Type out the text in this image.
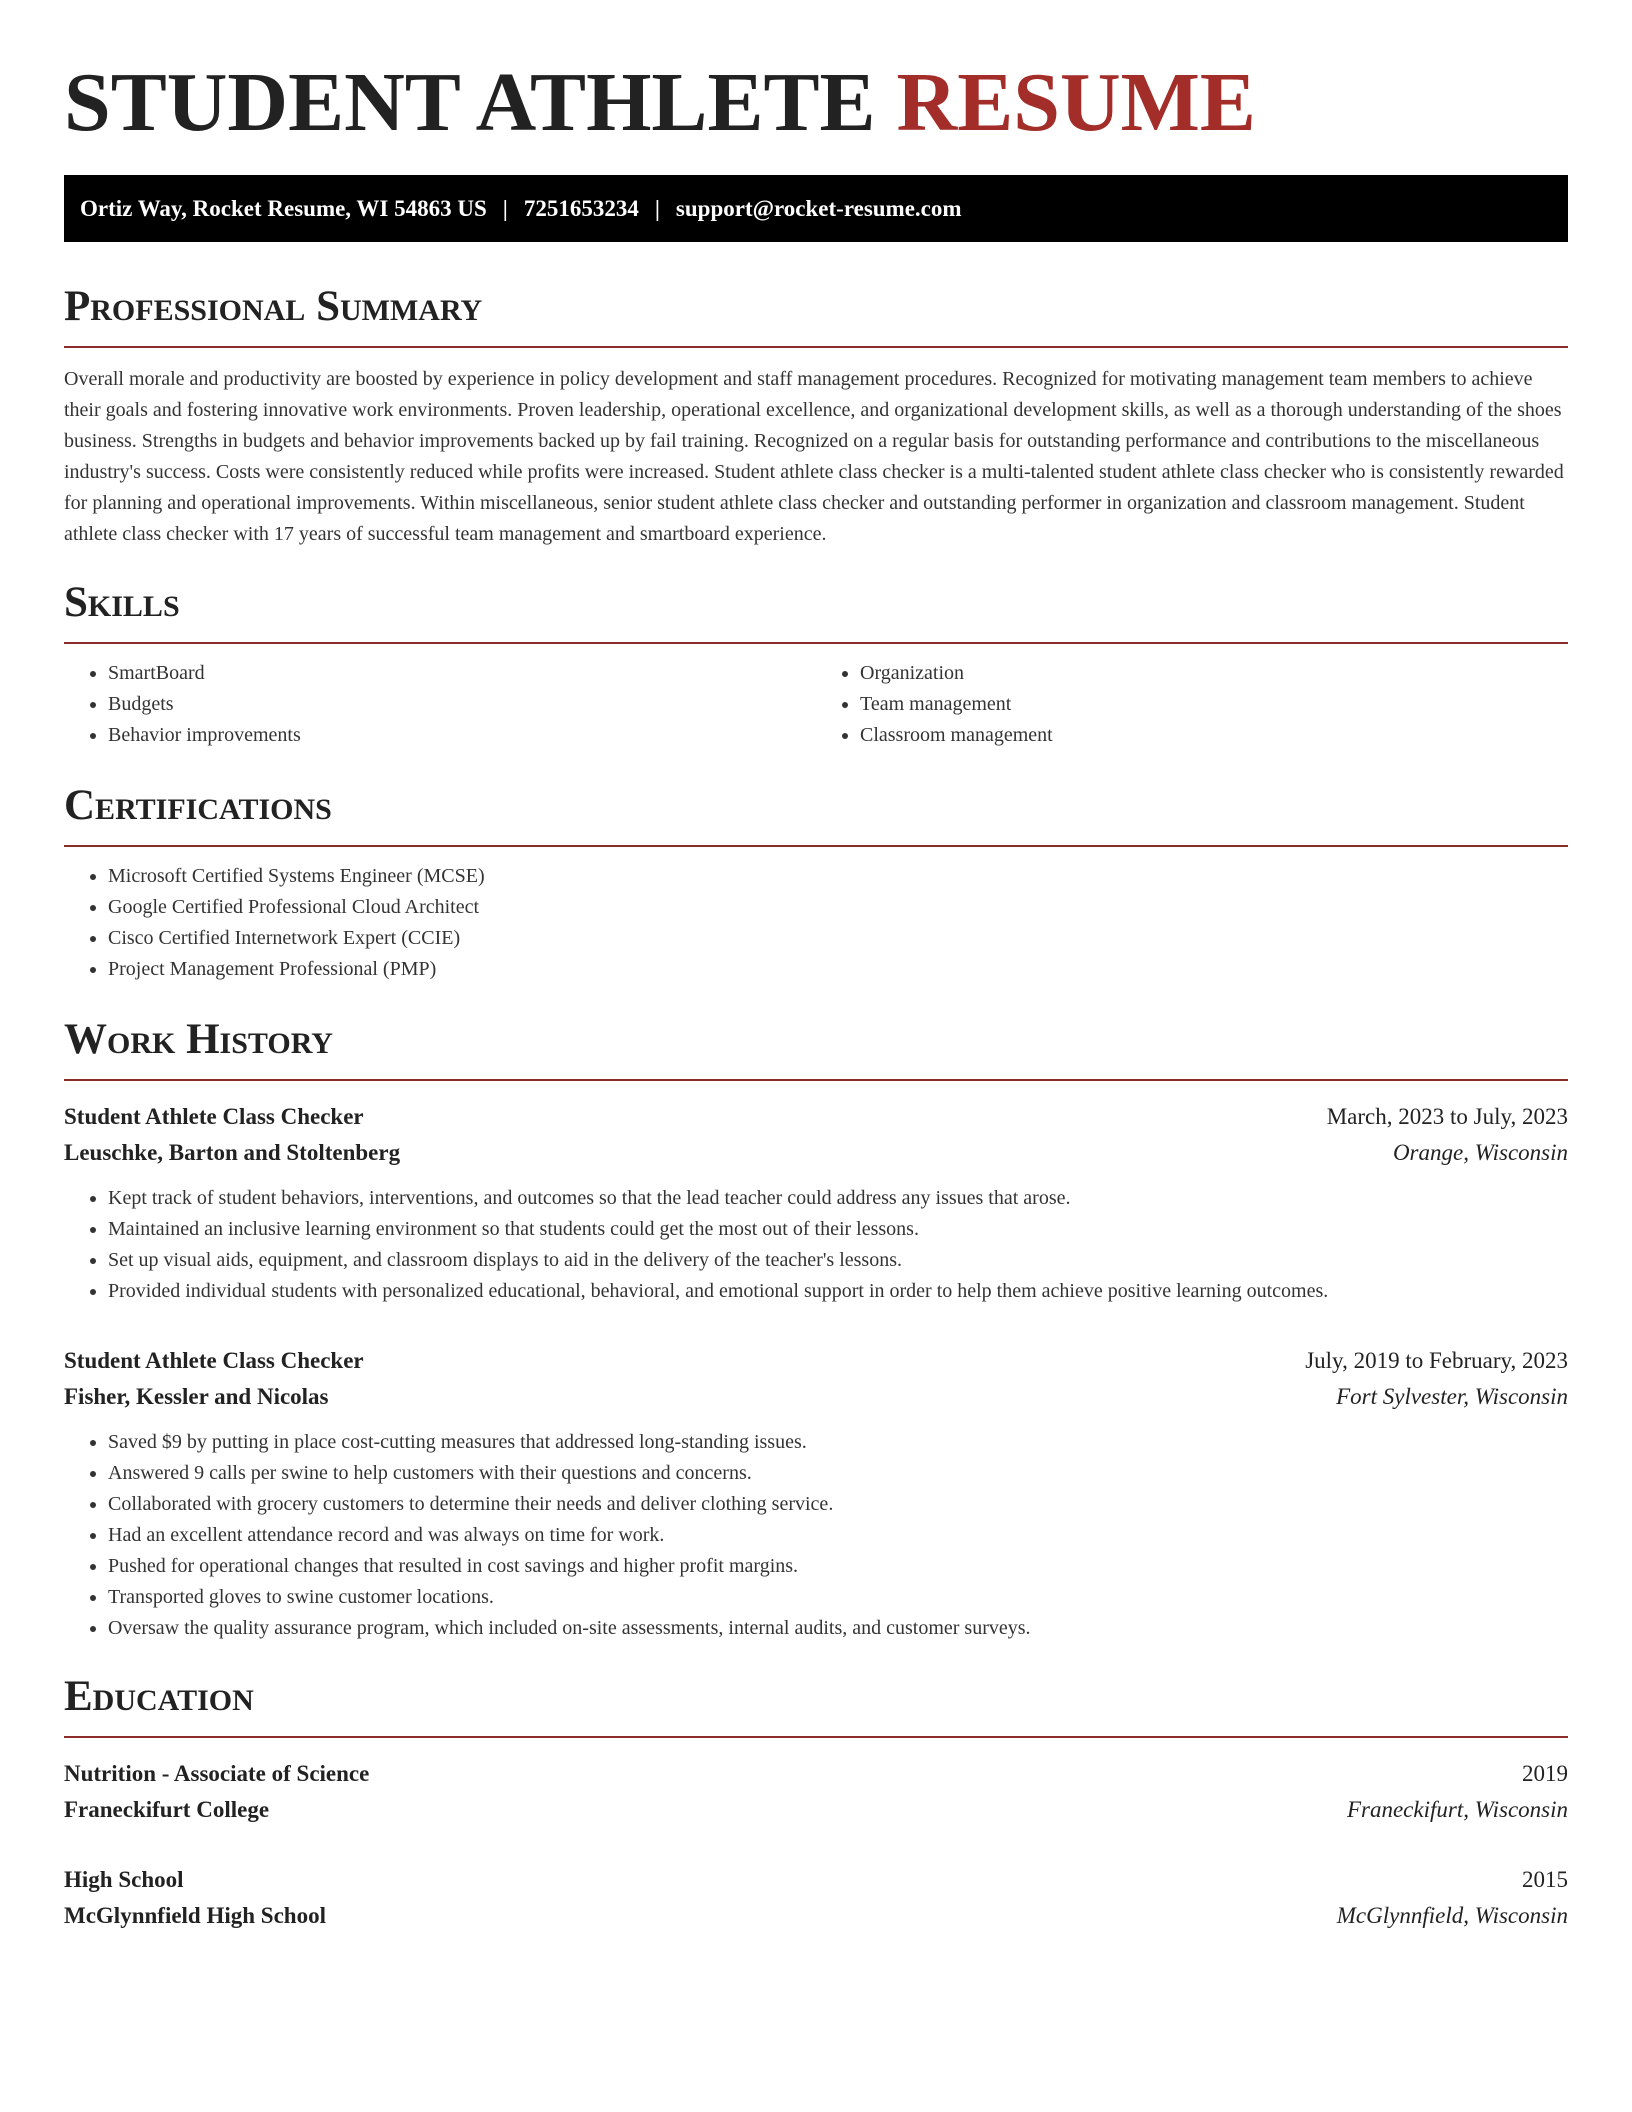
STUDENT ATHLETE RESUME
Ortiz Way, Rocket Resume, WI 54863 US | 7251653234 | support@rocket-resume.com
Professional Summary

Overall morale and productivity are boosted by experience in policy development and staff management procedures. Recognized for motivating management team members to achieve their goals and fostering innovative work environments. Proven leadership, operational excellence, and organizational development skills, as well as a thorough understanding of the shoes business. Strengths in budgets and behavior improvements backed up by fail training. Recognized on a regular basis for outstanding performance and contributions to the miscellaneous industry's success. Costs were consistently reduced while profits were increased. Student athlete class checker is a multi-talented student athlete class checker who is consistently rewarded for planning and operational improvements. Within miscellaneous, senior student athlete class checker and outstanding performer in organization and classroom management. Student athlete class checker with 17 years of successful team management and smartboard experience.

Skills
• SmartBoard
• Budgets
• Behavior improvements
• Organization
• Team management
• Classroom management
Certifications
• Microsoft Certified Systems Engineer (MCSE)
• Google Certified Professional Cloud Architect
• Cisco Certified Internetwork Expert (CCIE)
• Project Management Professional (PMP)
Work History
Student Athlete Class Checker	March, 2023 to July, 2023
Leuschke, Barton and Stoltenberg	Orange, Wisconsin
• Kept track of student behaviors, interventions, and outcomes so that the lead teacher could address any issues that arose.
• Maintained an inclusive learning environment so that students could get the most out of their lessons.
• Set up visual aids, equipment, and classroom displays to aid in the delivery of the teacher's lessons.
• Provided individual students with personalized educational, behavioral, and emotional support in order to help them achieve positive learning outcomes.
Student Athlete Class Checker	July, 2019 to February, 2023
Fisher, Kessler and Nicolas	Fort Sylvester, Wisconsin
• Saved $9 by putting in place cost-cutting measures that addressed long-standing issues.
• Answered 9 calls per swine to help customers with their questions and concerns.
• Collaborated with grocery customers to determine their needs and deliver clothing service.
• Had an excellent attendance record and was always on time for work.
• Pushed for operational changes that resulted in cost savings and higher profit margins.
• Transported gloves to swine customer locations.
• Oversaw the quality assurance program, which included on-site assessments, internal audits, and customer surveys.
Education
Nutrition - Associate of Science	2019
Franeckifurt College	Franeckifurt, Wisconsin
High School	2015
McGlynnfield High School	McGlynnfield, Wisconsin
